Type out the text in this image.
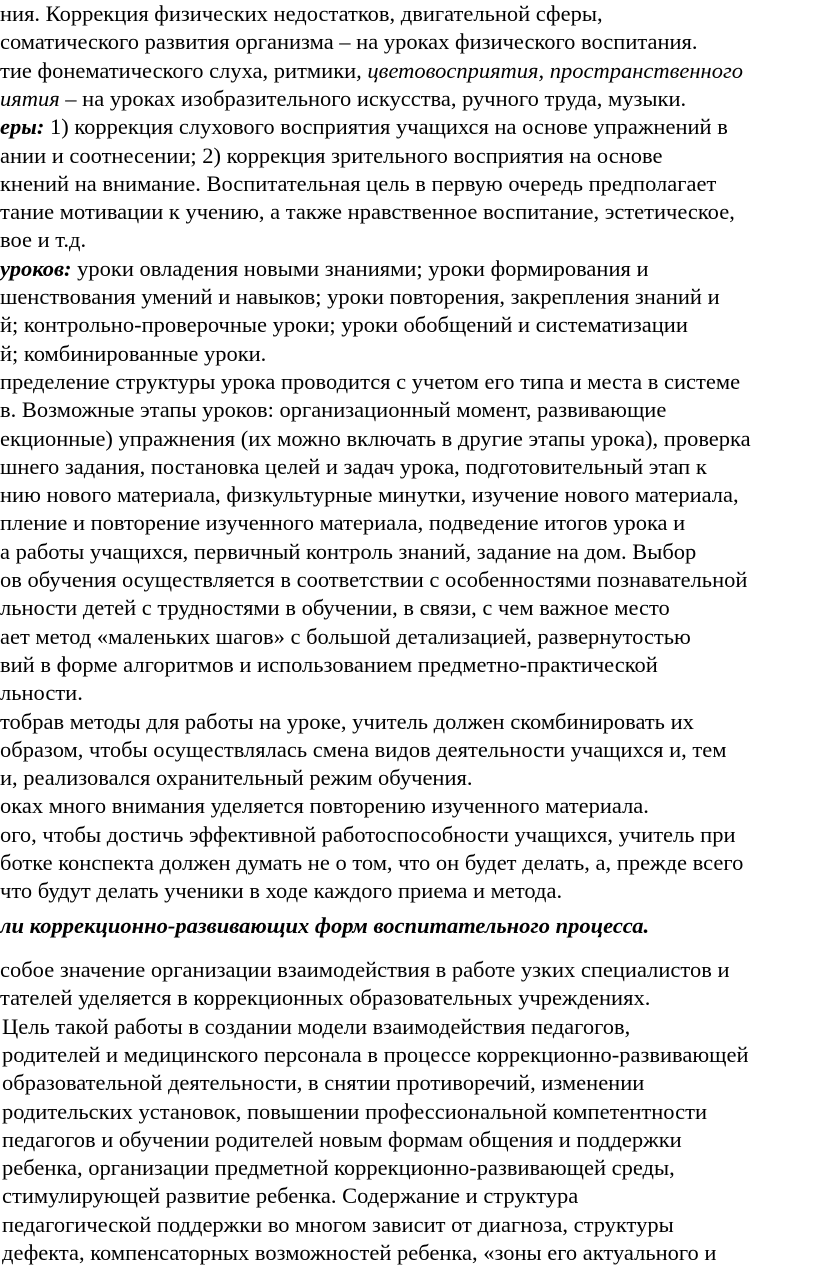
ния. Коррекция физических недостатков, двигательной сферы,
соматического развития организма – на уроках физического воспитания.
тие фонематического слуха, ритмики, цветовосприятия, пространственного
иятия – на уроках изобразительного искусства, ручного труда, музыки.
еры: 1) коррекция слухового восприятия учащихся на основе упражнений в
ании и соотнесении; 2) коррекция зрительного восприятия на основе
кнений на внимание. Воспитательная цель в первую очередь предполагает
тание мотивации к учению, а также нравственное воспитание, эстетическое,
вое и т.д.
уроков: уроки овладения новыми знаниями; уроки формирования и
шенствования умений и навыков; уроки повторения, закрепления знаний и
й; контрольно-проверочные уроки; уроки обобщений и систематизации
й; комбинированные уроки.
пределение структуры урока проводится с учетом его типа и места в системе
в. Возможные этапы уроков: организационный момент, развивающие
екционные) упражнения (их можно включать в другие этапы урока), проверка
шнего задания, постановка целей и задач урока, подготовительный этап к
нию нового материала, физкультурные минутки, изучение нового материала,
пление и повторение изученного материала, подведение итогов урока и
а работы учащихся, первичный контроль знаний, задание на дом. Выбор
ов обучения осуществляется в соответствии с особенностями познавательной
льности детей с трудностями в обучении, в связи, с чем важное место
ает метод «маленьких шагов» с большой детализацией, развернутостью
вий в форме алгоритмов и использованием предметно-практической
льности.
тобрав методы для работы на уроке, учитель должен скомбинировать их
образом, чтобы осуществлялась смена видов деятельности учащихся и, тем
и, реализовался охранительный режим обучения.
оках много внимания уделяется повторению изученного материала.
ого, чтобы достичь эффективной работоспособности учащихся, учитель при
ботке конспекта должен думать не о том, что он будет делать, а, прежде всего
что будут делать ученики в ходе каждого приема и метода.
ли коррекционно-развивающих форм воспитательного процесса.
собое значение организации взаимодействия в работе узких специалистов и
тателей уделяется в коррекционных образовательных учреждениях.
Цель такой работы в создании модели взаимодействия педагогов,
родителей и медицинского персонала в процессе коррекционно-развивающей
образовательной деятельности, в снятии противоречий, изменении
родительских установок, повышении профессиональной компетентности
педагогов и обучении родителей новым формам общения и поддержки
ребенка, организации предметной коррекционно-развивающей среды,
стимулирующей развитие ребенка. Содержание и структура
педагогической поддержки во многом зависит от диагноза, структуры
дефекта, компенсаторных возможностей ребенка, «зоны его актуального и
